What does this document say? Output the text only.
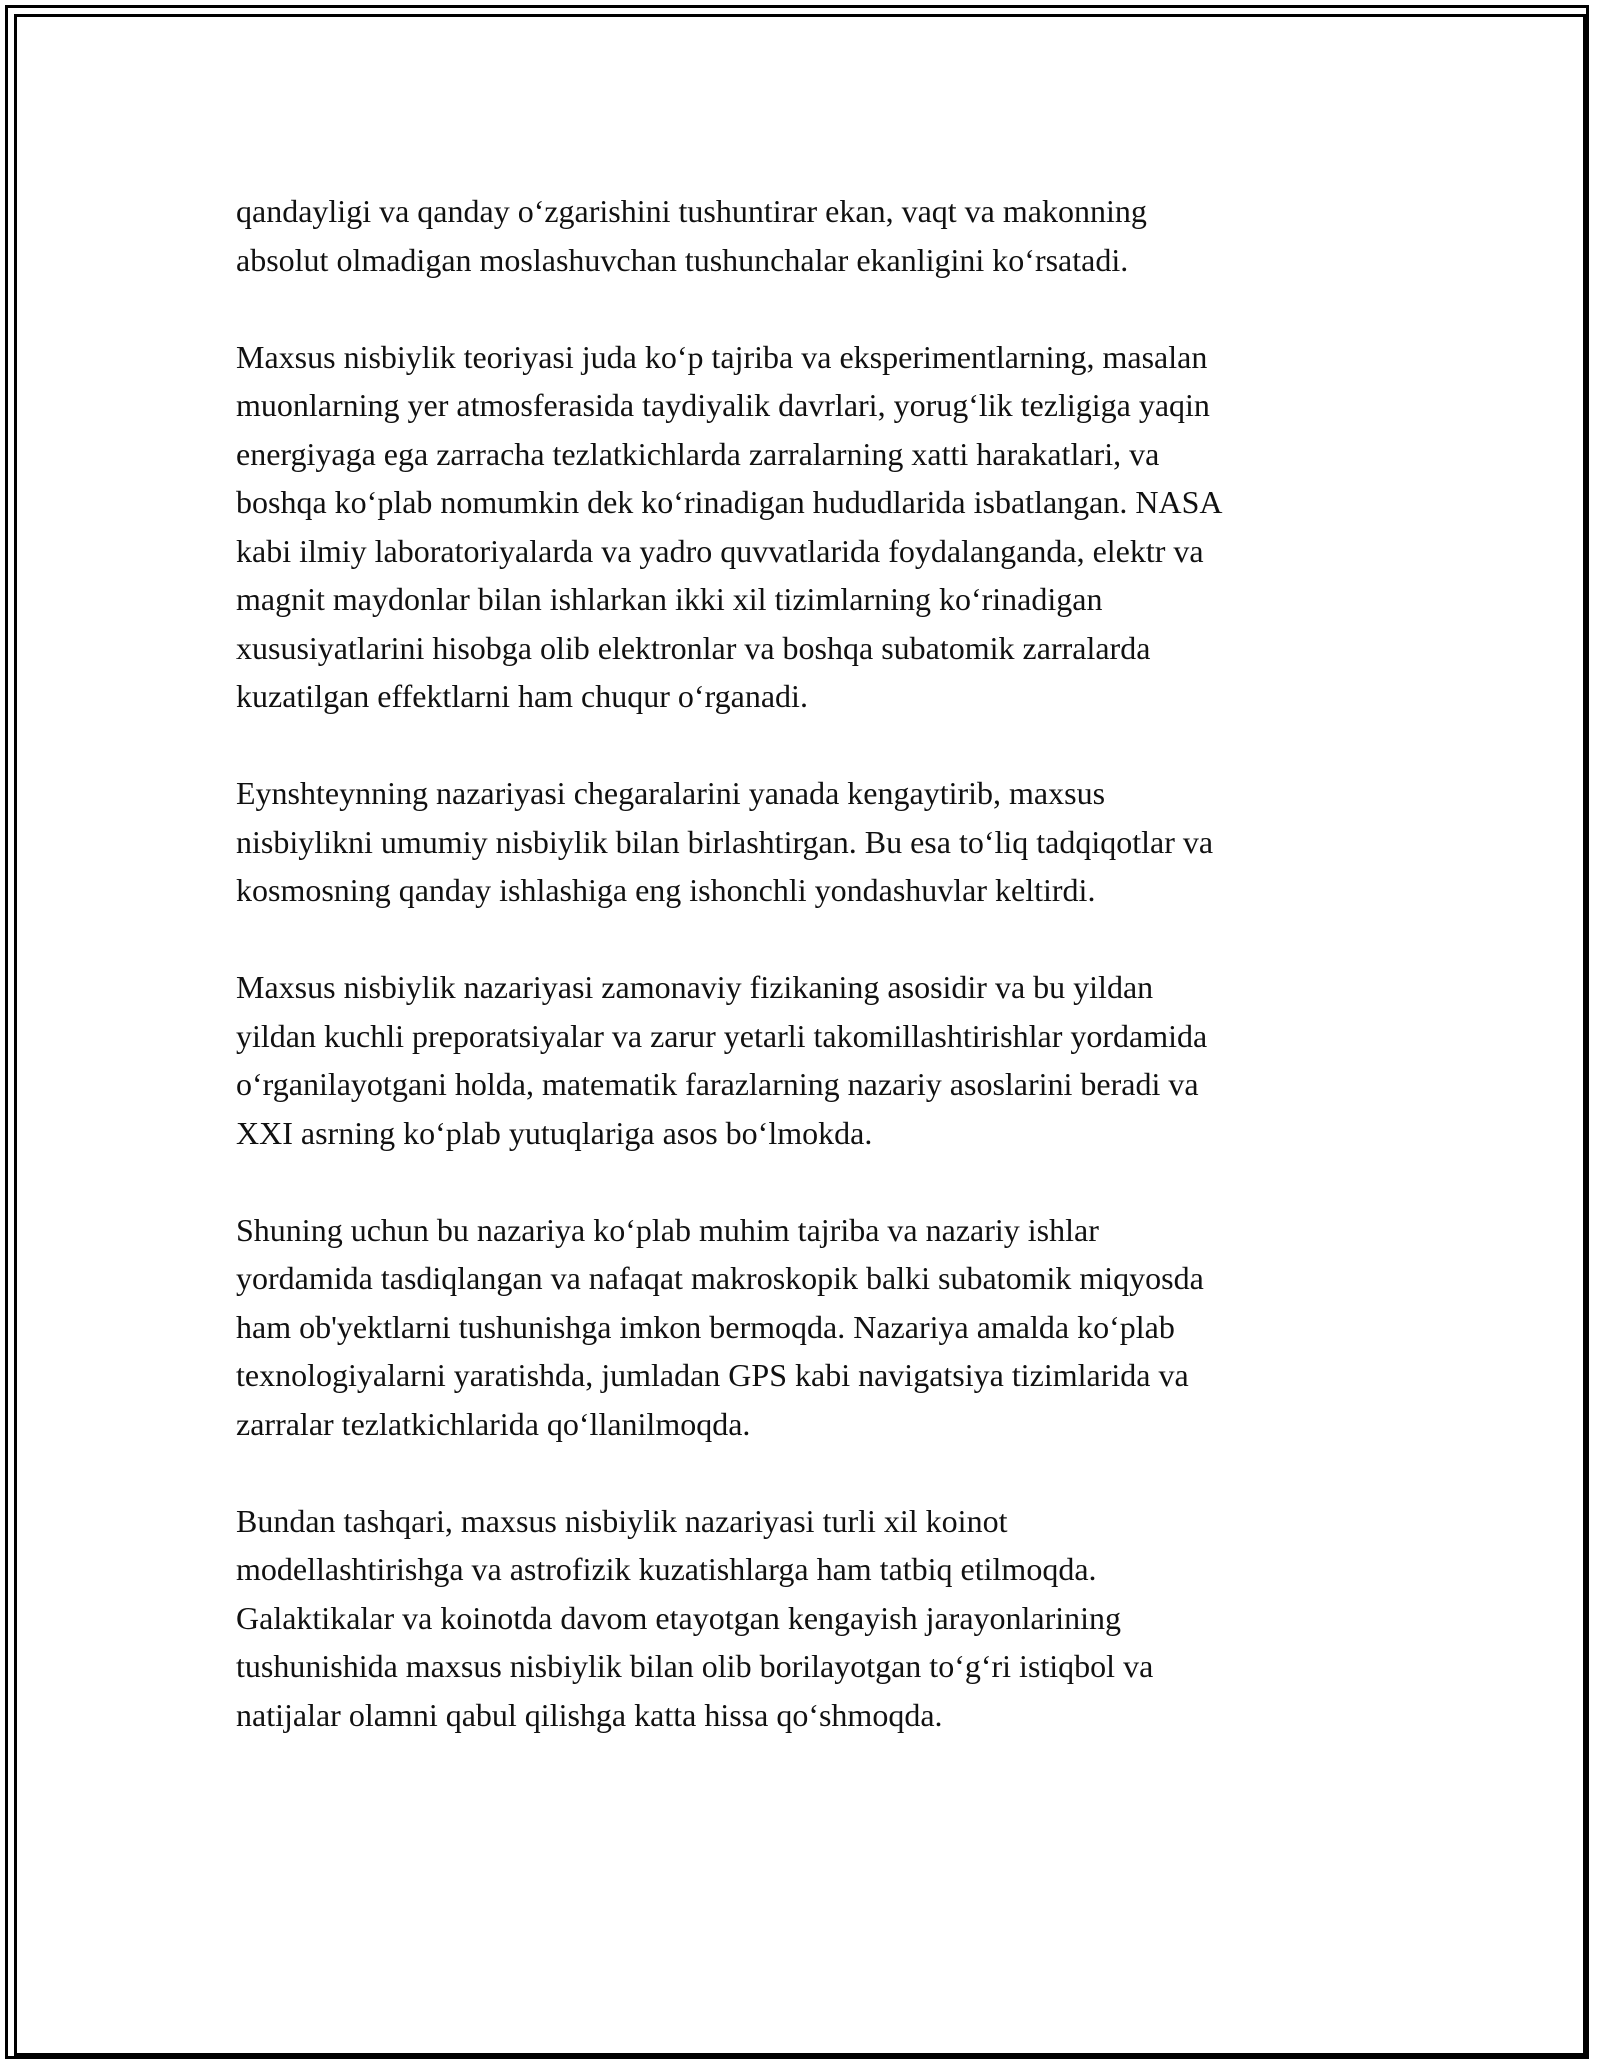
qandayligi va qanday o‘zgarishini tushuntirar ekan, vaqt va makonning
absolut olmadigan moslashuvchan tushunchalar ekanligini ko‘rsatadi.

Maxsus nisbiylik teoriyasi juda ko‘p tajriba va eksperimentlarning, masalan
muonlarning yer atmosferasida taydiyalik davrlari, yorug‘lik tezligiga yaqin
energiyaga ega zarracha tezlatkichlarda zarralarning xatti harakatlari, va
boshqa ko‘plab nomumkin dek ko‘rinadigan hududlarida isbatlangan. NASA
kabi ilmiy laboratoriyalarda va yadro quvvatlarida foydalanganda, elektr va
magnit maydonlar bilan ishlarkan ikki xil tizimlarning ko‘rinadigan
xususiyatlarini hisobga olib elektronlar va boshqa subatomik zarralarda
kuzatilgan effektlarni ham chuqur o‘rganadi.

Eynshteynning nazariyasi chegaralarini yanada kengaytirib, maxsus
nisbiylikni umumiy nisbiylik bilan birlashtirgan. Bu esa to‘liq tadqiqotlar va
kosmosning qanday ishlashiga eng ishonchli yondashuvlar keltirdi.

Maxsus nisbiylik nazariyasi zamonaviy fizikaning asosidir va bu yildan
yildan kuchli preporatsiyalar va zarur yetarli takomillashtirishlar yordamida
o‘rganilayotgani holda, matematik farazlarning nazariy asoslarini beradi va
XXI asrning ko‘plab yutuqlariga asos bo‘lmokda.

Shuning uchun bu nazariya ko‘plab muhim tajriba va nazariy ishlar
yordamida tasdiqlangan va nafaqat makroskopik balki subatomik miqyosda
ham ob'yektlarni tushunishga imkon bermoqda. Nazariya amalda ko‘plab
texnologiyalarni yaratishda, jumladan GPS kabi navigatsiya tizimlarida va
zarralar tezlatkichlarida qo‘llanilmoqda.

Bundan tashqari, maxsus nisbiylik nazariyasi turli xil koinot
modellashtirishga va astrofizik kuzatishlarga ham tatbiq etilmoqda.
Galaktikalar va koinotda davom etayotgan kengayish jarayonlarining
tushunishida maxsus nisbiylik bilan olib borilayotgan to‘g‘ri istiqbol va
natijalar olamni qabul qilishga katta hissa qo‘shmoqda.
